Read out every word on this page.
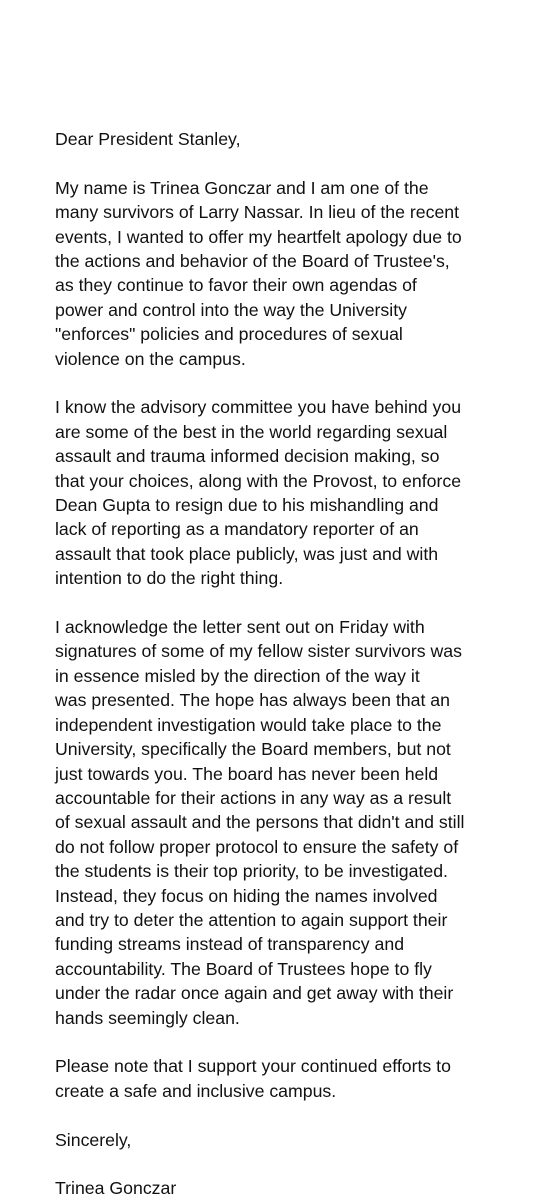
Dear President Stanley,

My name is Trinea Gonczar and I am one of the
many survivors of Larry Nassar. In lieu of the recent
events, I wanted to offer my heartfelt apology due to
the actions and behavior of the Board of Trustee's,
as they continue to favor their own agendas of
power and control into the way the University
"enforces" policies and procedures of sexual
violence on the campus.

I know the advisory committee you have behind you
are some of the best in the world regarding sexual
assault and trauma informed decision making, so
that your choices, along with the Provost, to enforce
Dean Gupta to resign due to his mishandling and
lack of reporting as a mandatory reporter of an
assault that took place publicly, was just and with
intention to do the right thing.

I acknowledge the letter sent out on Friday with
signatures of some of my fellow sister survivors was
in essence misled by the direction of the way it
was presented. The hope has always been that an
independent investigation would take place to the
University, specifically the Board members, but not
just towards you. The board has never been held
accountable for their actions in any way as a result
of sexual assault and the persons that didn't and still
do not follow proper protocol to ensure the safety of
the students is their top priority, to be investigated.
Instead, they focus on hiding the names involved
and try to deter the attention to again support their
funding streams instead of transparency and
accountability. The Board of Trustees hope to fly
under the radar once again and get away with their
hands seemingly clean.

Please note that I support your continued efforts to
create a safe and inclusive campus.

Sincerely,

Trinea Gonczar
